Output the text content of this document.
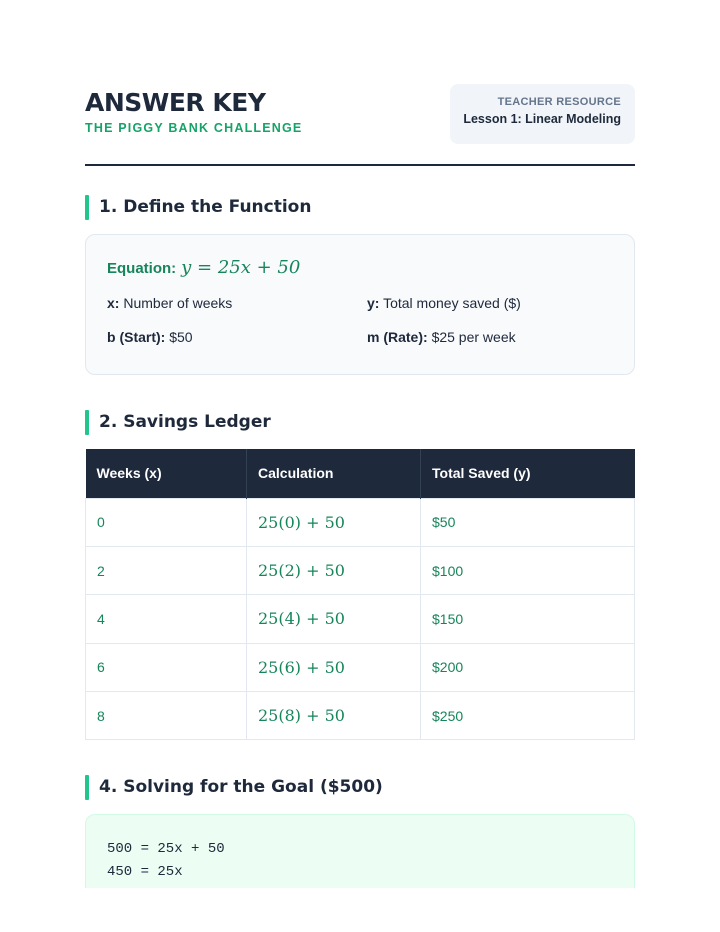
ANSWER KEY
THE PIGGY BANK CHALLENGE
TEACHER RESOURCE
Lesson 1: Linear Modeling
1. Define the Function
Equation: y = 25x + 50
x: Number of weeks	y: Total money saved ($)
b (Start): $50	m (Rate): $25 per week
2. Savings Ledger
Weeks (x)	Calculation	Total Saved (y)
0	25(0) + 50	$50
2	25(2) + 50	$100
4	25(4) + 50	$150
6	25(6) + 50	$200
8	25(8) + 50	$250
4. Solving for the Goal ($500)
500 = 25x + 50
450 = 25x
